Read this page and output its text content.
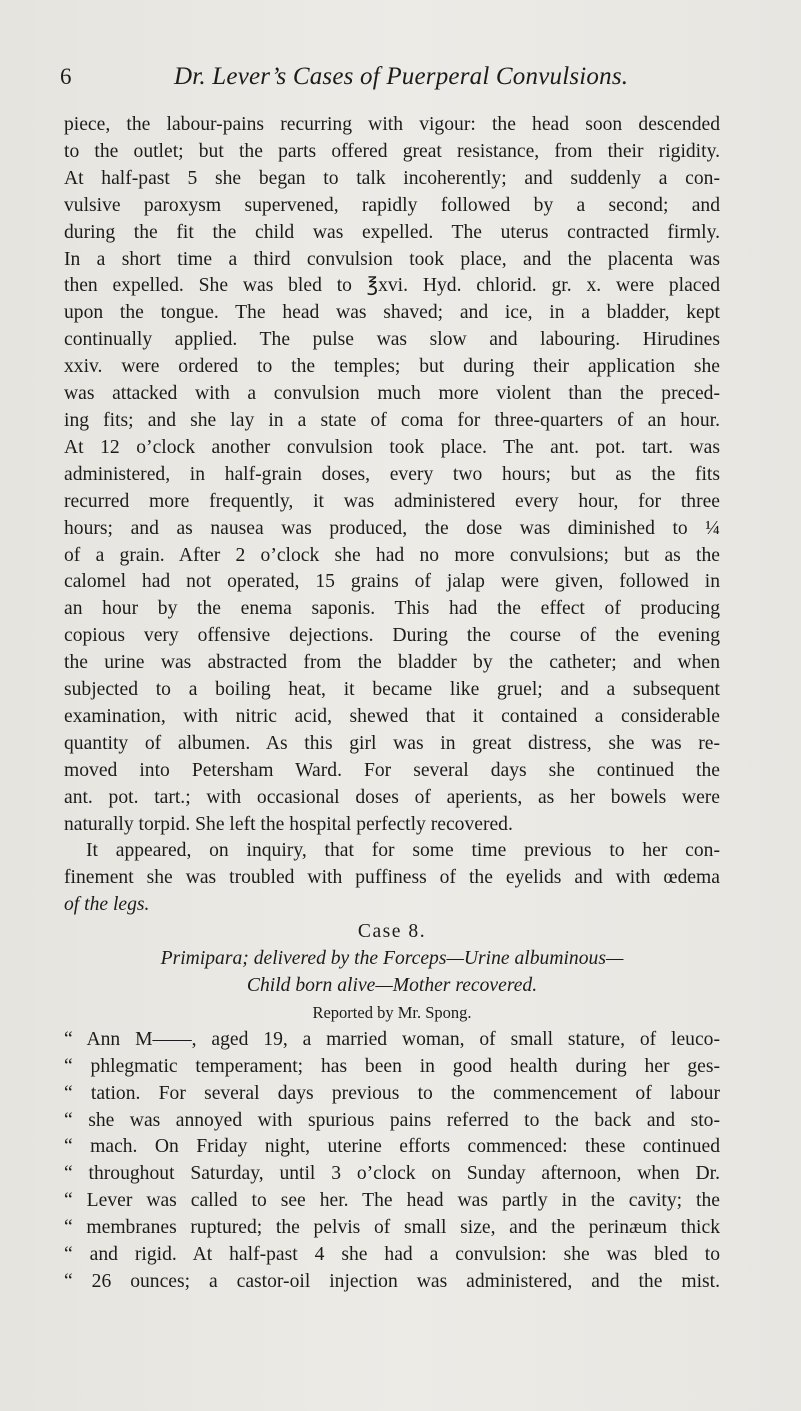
6	Dr. Lever’s Cases of Puerperal Convulsions.
piece, the labour-pains recurring with vigour: the head soon descended
to the outlet; but the parts offered great resistance, from their rigidity.
At half-past 5 she began to talk incoherently; and suddenly a con-
vulsive paroxysm supervened, rapidly followed by a second; and
during the fit the child was expelled. The uterus contracted firmly.
In a short time a third convulsion took place, and the placenta was
then expelled. She was bled to ℥xvi. Hyd. chlorid. gr. x. were placed
upon the tongue. The head was shaved; and ice, in a bladder, kept
continually applied. The pulse was slow and labouring. Hirudines
xxiv. were ordered to the temples; but during their application she
was attacked with a convulsion much more violent than the preced-
ing fits; and she lay in a state of coma for three-quarters of an hour.
At 12 o’clock another convulsion took place. The ant. pot. tart. was
administered, in half-grain doses, every two hours; but as the fits
recurred more frequently, it was administered every hour, for three
hours; and as nausea was produced, the dose was diminished to ¼
of a grain. After 2 o’clock she had no more convulsions; but as the
calomel had not operated, 15 grains of jalap were given, followed in
an hour by the enema saponis. This had the effect of producing
copious very offensive dejections. During the course of the evening
the urine was abstracted from the bladder by the catheter; and when
subjected to a boiling heat, it became like gruel; and a subsequent
examination, with nitric acid, shewed that it contained a considerable
quantity of albumen. As this girl was in great distress, she was re-
moved into Petersham Ward. For several days she continued the
ant. pot. tart.; with occasional doses of aperients, as her bowels were
naturally torpid. She left the hospital perfectly recovered.
It appeared, on inquiry, that for some time previous to her con-
finement she was troubled with puffiness of the eyelids and with œdema
of the legs.
Case 8.
Primipara; delivered by the Forceps—Urine albuminous—
Child born alive—Mother recovered.
Reported by Mr. Spong.
“ Ann M——, aged 19, a married woman, of small stature, of leuco-
“ phlegmatic temperament; has been in good health during her ges-
“ tation. For several days previous to the commencement of labour
“ she was annoyed with spurious pains referred to the back and sto-
“ mach. On Friday night, uterine efforts commenced: these continued
“ throughout Saturday, until 3 o’clock on Sunday afternoon, when Dr.
“ Lever was called to see her. The head was partly in the cavity; the
“ membranes ruptured; the pelvis of small size, and the perinæum thick
“ and rigid. At half-past 4 she had a convulsion: she was bled to
“ 26 ounces; a castor-oil injection was administered, and the mist.
